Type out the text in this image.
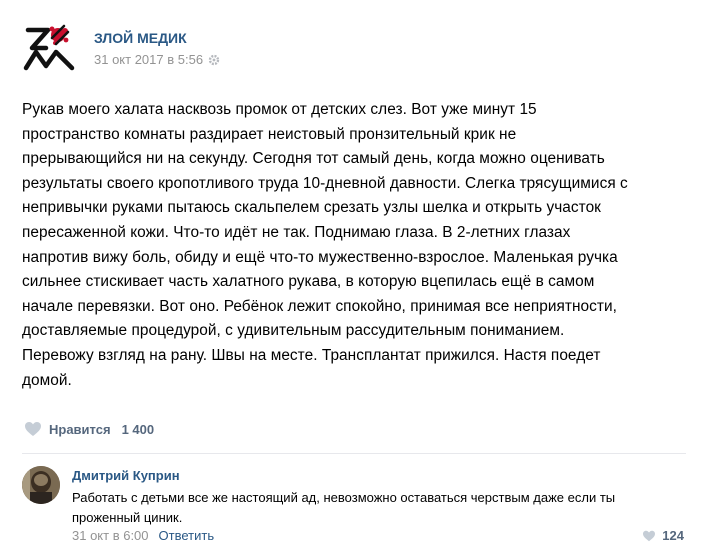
ЗЛОЙ МЕДИК
31 окт 2017 в 5:56
Рукав моего халата насквозь промок от детских слез. Вот уже минут 15
пространство комнаты раздирает неистовый пронзительный крик не
прерывающийся ни на секунду. Сегодня тот самый день, когда можно оценивать
результаты своего кропотливого труда 10-дневной давности. Слегка трясущимися с
непривычки руками пытаюсь скальпелем срезать узлы шелка и открыть участок
пересаженной кожи. Что-то идёт не так. Поднимаю глаза. В 2-летних глазах
напротив вижу боль, обиду и ещё что-то мужественно-взрослое. Маленькая ручка
сильнее стискивает часть халатного рукава, в которую вцепилась ещё в самом
начале перевязки. Вот оно. Ребёнок лежит спокойно, принимая все неприятности,
доставляемые процедурой, с удивительным рассудительным пониманием.
Перевожу взгляд на рану. Швы на месте. Трансплантат прижился. Настя поедет
домой.
Нравится 1 400
Дмитрий Куприн
Работать с детьми все же настоящий ад, невозможно оставаться черствым даже если ты проженный циник.
31 окт в 6:00 Ответить	124
